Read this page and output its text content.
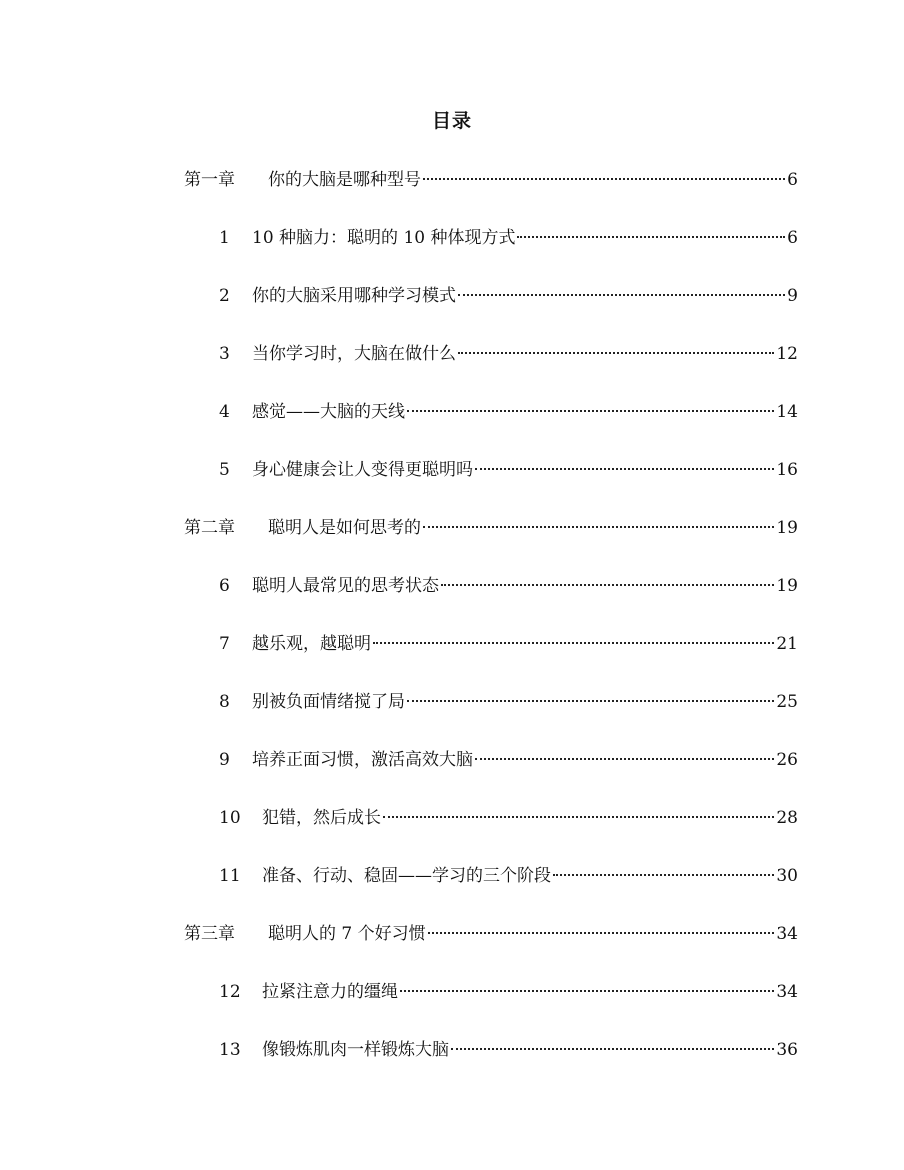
目录
第一章	你的大脑是哪种型号	6
1	10 种脑力：聪明的 10 种体现方式	6
2	你的大脑采用哪种学习模式	9
3	当你学习时，大脑在做什么	12
4	感觉——大脑的天线	14
5	身心健康会让人变得更聪明吗	16
第二章	聪明人是如何思考的	19
6	聪明人最常见的思考状态	19
7	越乐观，越聪明	21
8	别被负面情绪搅了局	25
9	培养正面习惯，激活高效大脑	26
10	犯错，然后成长	28
11	准备、行动、稳固——学习的三个阶段	30
第三章	聪明人的 7 个好习惯	34
12	拉紧注意力的缰绳	34
13	像锻炼肌肉一样锻炼大脑	36
